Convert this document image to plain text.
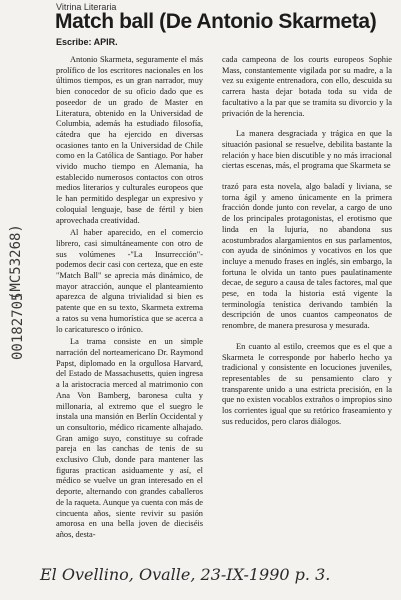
Vitrina Literaria
Match ball (De Antonio Skarmeta)
Escribe: APIR.
(MC53268)
00182705

Antonio Skarmeta, seguramente el más prolífico de los escritores nacionales en los últimos tiempos, es un gran narrador, muy bien conocedor de su oficio dado que es poseedor de un grado de Master en Literatura, obtenido en la Universidad de Columbia, además ha estudiado filosofía, cátedra que ha ejercido en diversas ocasiones tanto en la Universidad de Chile como en la Católica de Santiago. Por haber vivido mucho tiempo en Alemania, ha establecido numerosos contactos con otros medios literarios y culturales europeos que le han permitido desplegar un expresivo y coloquial lenguaje, base de fértil y bien aprovechada creatividad.

Al haber aparecido, en el comercio librero, casi simultáneamente con otro de sus volúmenes -"La Insurrección"- podemos decir casi con certeza, que en este "Match Ball" se aprecia más dinámico, de mayor atracción, aunque el planteamiento aparezca de alguna trivialidad si bien es patente que en su texto, Skarmeta extrema a ratos su vena humorística que se acerca a lo caricaturesco o irónico.

La trama consiste en un simple narración del norteamericano Dr. Raymond Papst, diplomado en la orgullosa Harvard, del Estado de Massachusetts, quien ingresa a la aristocracia merced al matrimonio con Ana Von Bamberg, baronesa culta y millonaria, al extremo que el suegro le instala una mansión en Berlín Occidental y un consultorio, médico ricamente alhajado. Gran amigo suyo, constituye su cofrade pareja en las canchas de tenis de su exclusivo Club, donde para mantener las figuras practican asiduamente y así, el médico se vuelve un gran interesado en el deporte, alternando con grandes caballeros de la raqueta. Aunque ya cuenta con más de cincuenta años, siente revivir su pasión amorosa en una bella joven de dieciséis años, desta-

cada campeona de los courts europeos Sophie Mass, constantemente vigilada por su madre, a la vez su exigente entrenadora, con ello, descuida su carrera hasta dejar botada toda su vida de facultativo a la par que se tramita su divorcio y la privación de la herencia.

La manera desgraciada y trágica en que la situación pasional se resuelve, debilita bastante la relación y hace bien discutible y no más irracional ciertas escenas, más, el programa que Skarmeta se

trazó para esta novela, algo baladí y liviana, se torna ágil y ameno únicamente en la primera fracción donde junto con revelar, a cargo de uno de los principales protagonistas, el erotismo que linda en la lujuria, no abandona sus acostumbrados alargamientos en sus parlamentos, con ayuda de sinónimos y vocativos en los que incluye a menudo frases en inglés, sin embargo, la fortuna le olvida un tanto pues paulatinamente decae, de seguro a causa de tales factores, mal que pese, en toda la historia está vigente la terminología tenística derivando también la descripción de unos cuantos campeonatos de renombre, de manera presurosa y mesurada.

En cuanto al estilo, creemos que es el que a Skarmeta le corresponde por haberlo hecho ya tradicional y consistente en locuciones juveniles, representables de su pensamiento claro y transparente unido a una estricta precisión, en la que no existen vocablos extraños o impropios sino los corrientes igual que su retórico fraseamiento y sus reducidos, pero claros diálogos.

El Ovellino, Ovalle, 23-IX-1990 p. 3.
